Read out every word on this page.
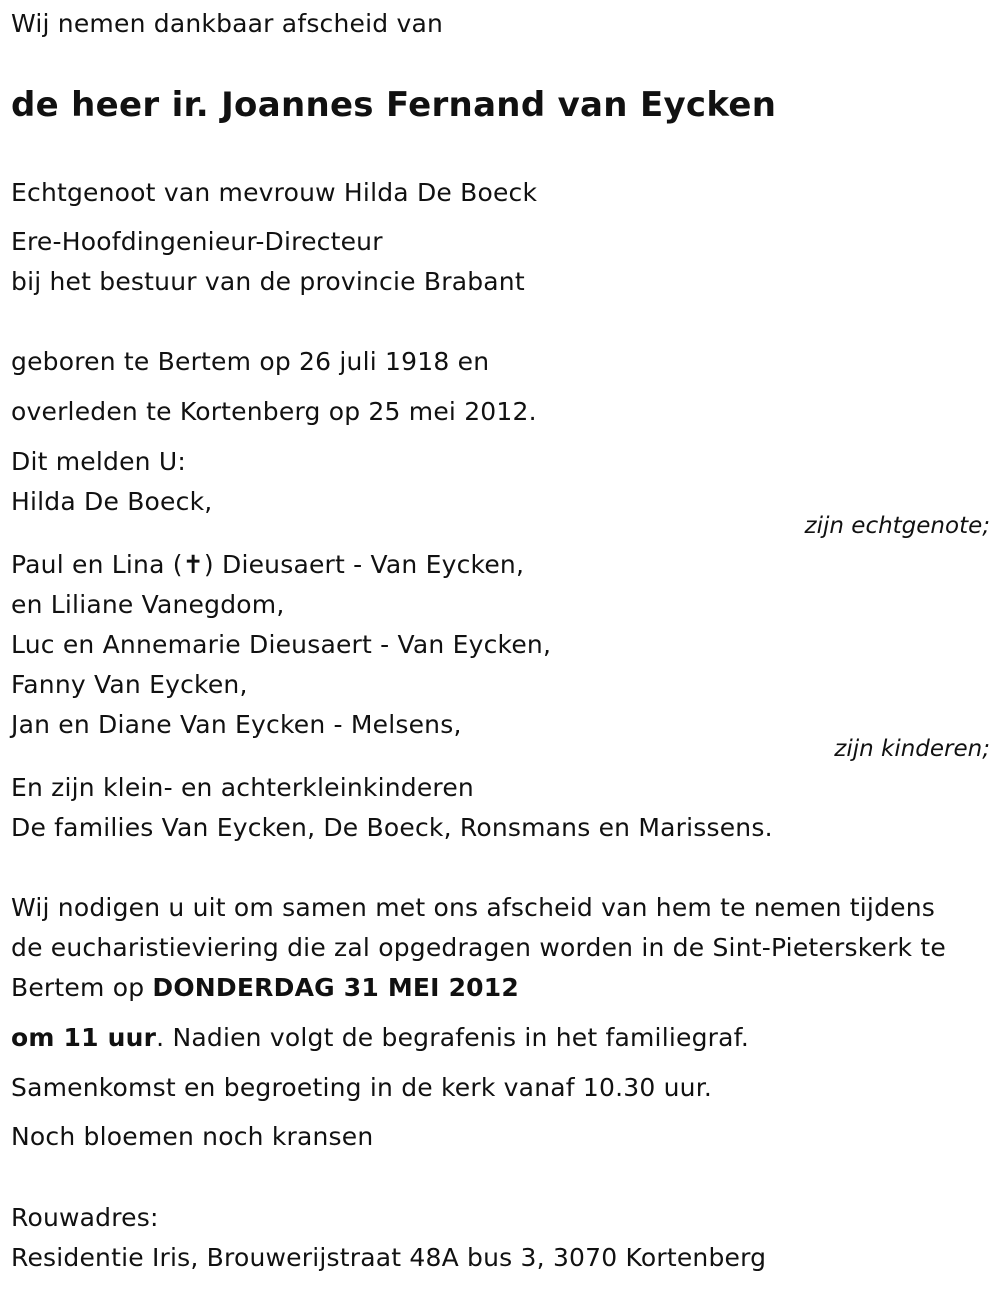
Wij nemen dankbaar afscheid van
de heer ir. Joannes Fernand van Eycken
Echtgenoot van mevrouw Hilda De Boeck
Ere-Hoofdingenieur-Directeur
bij het bestuur van de provincie Brabant
geboren te Bertem op 26 juli 1918 en
overleden te Kortenberg op 25 mei 2012.
Dit melden U:
Hilda De Boeck,
zijn echtgenote;
Paul en Lina (✝) Dieusaert - Van Eycken,
en Liliane Vanegdom,
Luc en Annemarie Dieusaert - Van Eycken,
Fanny Van Eycken,
Jan en Diane Van Eycken - Melsens,
zijn kinderen;
En zijn klein- en achterkleinkinderen
De families Van Eycken, De Boeck, Ronsmans en Marissens.
Wij nodigen u uit om samen met ons afscheid van hem te nemen tijdens
de eucharistieviering die zal opgedragen worden in de Sint-Pieterskerk te
Bertem op DONDERDAG 31 MEI 2012
om 11 uur. Nadien volgt de begrafenis in het familiegraf.
Samenkomst en begroeting in de kerk vanaf 10.30 uur.
Noch bloemen noch kransen
Rouwadres:
Residentie Iris, Brouwerijstraat 48A bus 3, 3070 Kortenberg
